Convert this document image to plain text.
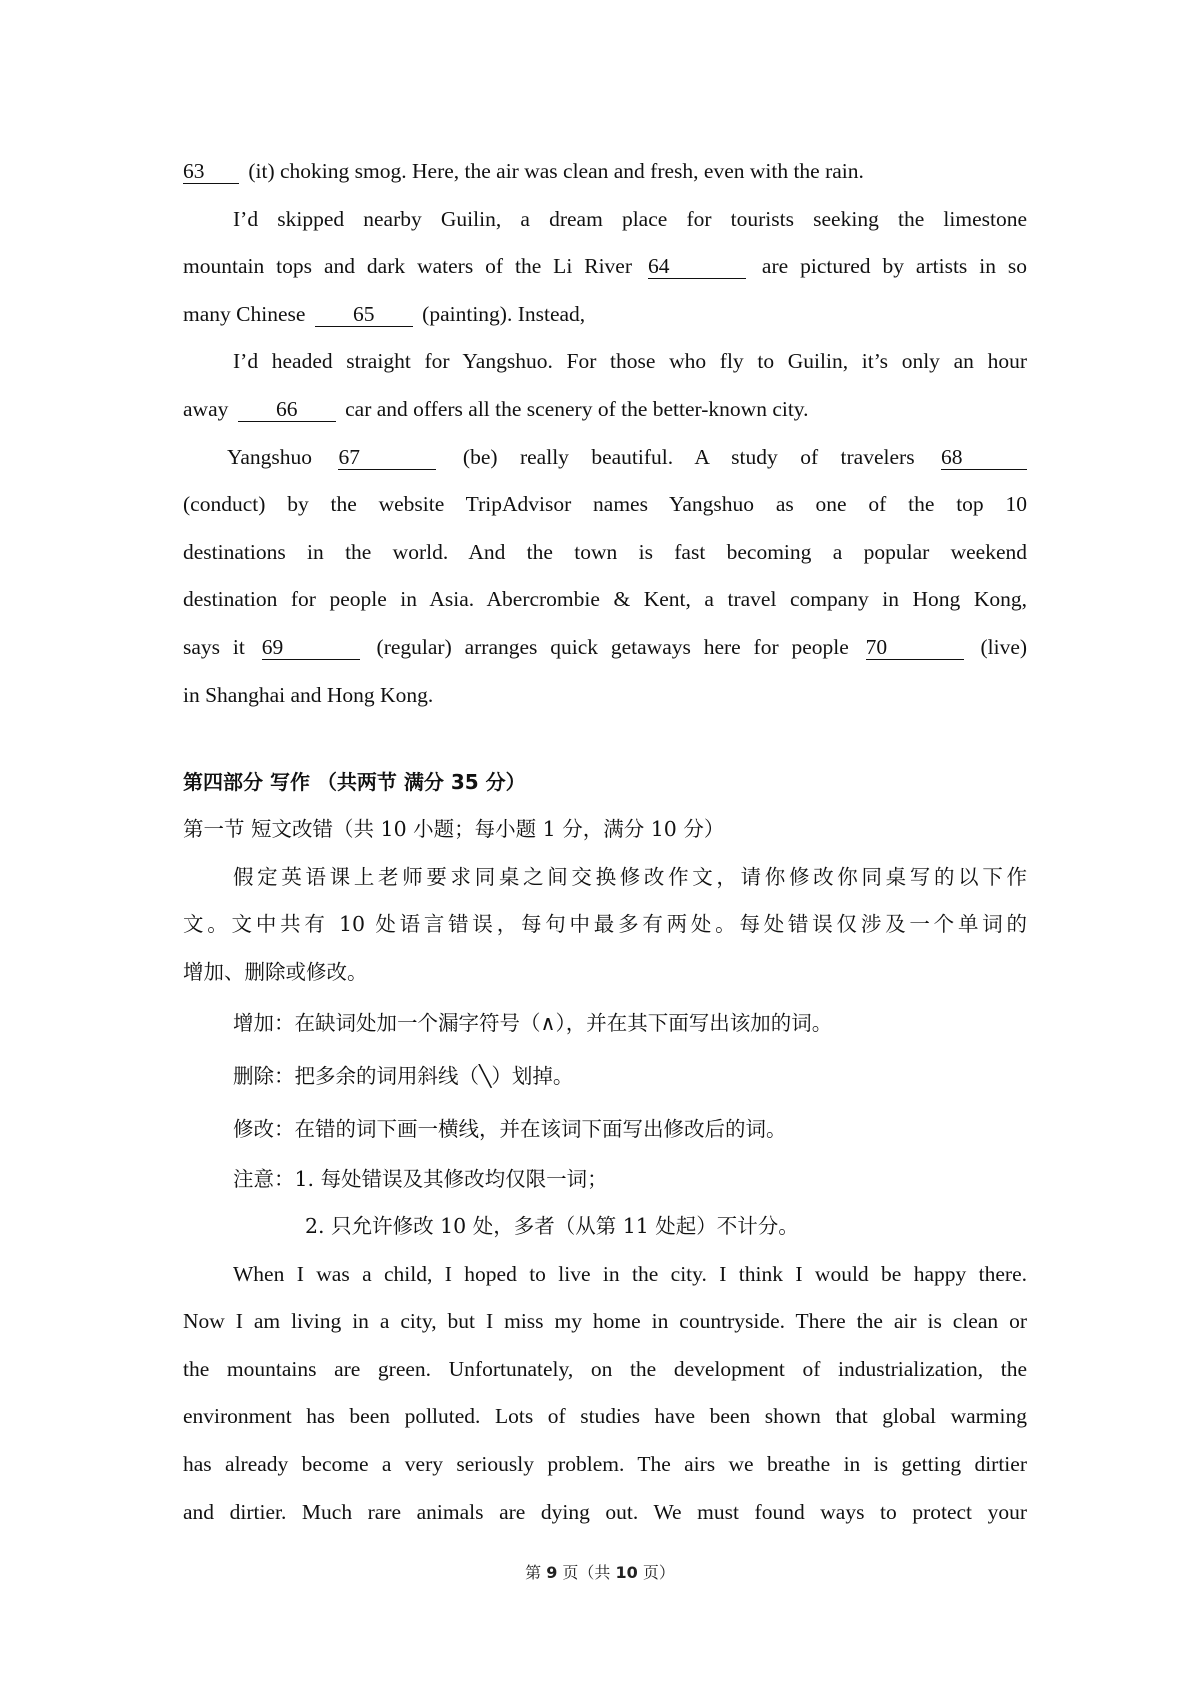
63 (it) choking smog. Here, the air was clean and fresh, even with the rain.
I’d skipped nearby Guilin, a dream place for tourists seeking the limestone
mountain tops and dark waters of the Li River 64	are pictured by artists in so
many Chinese 65 (painting). Instead,
I’d headed straight for Yangshuo. For those who fly to Guilin, it’s only an hour
away 66 car and offers all the scenery of the better-known city.
Yangshuo 67	(be) really beautiful. A study of travelers 68
(conduct) by the website TripAdvisor names Yangshuo as one of the top 10
destinations in the world. And the town is fast becoming a popular weekend
destination for people in Asia. Abercrombie & Kent, a travel company in Hong Kong,
says it 69	(regular) arranges quick getaways here for people 70	(live)
in Shanghai and Hong Kong.
第四部分 写作 （共两节 满分 35 分）
第一节 短文改错（共 10 小题；每小题 1 分，满分 10 分）
假定英语课上老师要求同桌之间交换修改作文，请你修改你同桌写的以下作
文。文中共有 10 处语言错误，每句中最多有两处。每处错误仅涉及一个单词的
增加、删除或修改。
增加：在缺词处加一个漏字符号（∧），并在其下面写出该加的词。
删除：把多余的词用斜线（╲）划掉。
修改：在错的词下画一横线，并在该词下面写出修改后的词。
注意：1. 每处错误及其修改均仅限一词；
2. 只允许修改 10 处，多者（从第 11 处起）不计分。
When I was a child, I hoped to live in the city. I think I would be happy there.
Now I am living in a city, but I miss my home in countryside. There the air is clean or
the mountains are green. Unfortunately, on the development of industrialization, the
environment has been polluted. Lots of studies have been shown that global warming
has already become a very seriously problem. The airs we breathe in is getting dirtier
and dirtier. Much rare animals are dying out. We must found ways to protect your
第 9 页（共 10 页）
